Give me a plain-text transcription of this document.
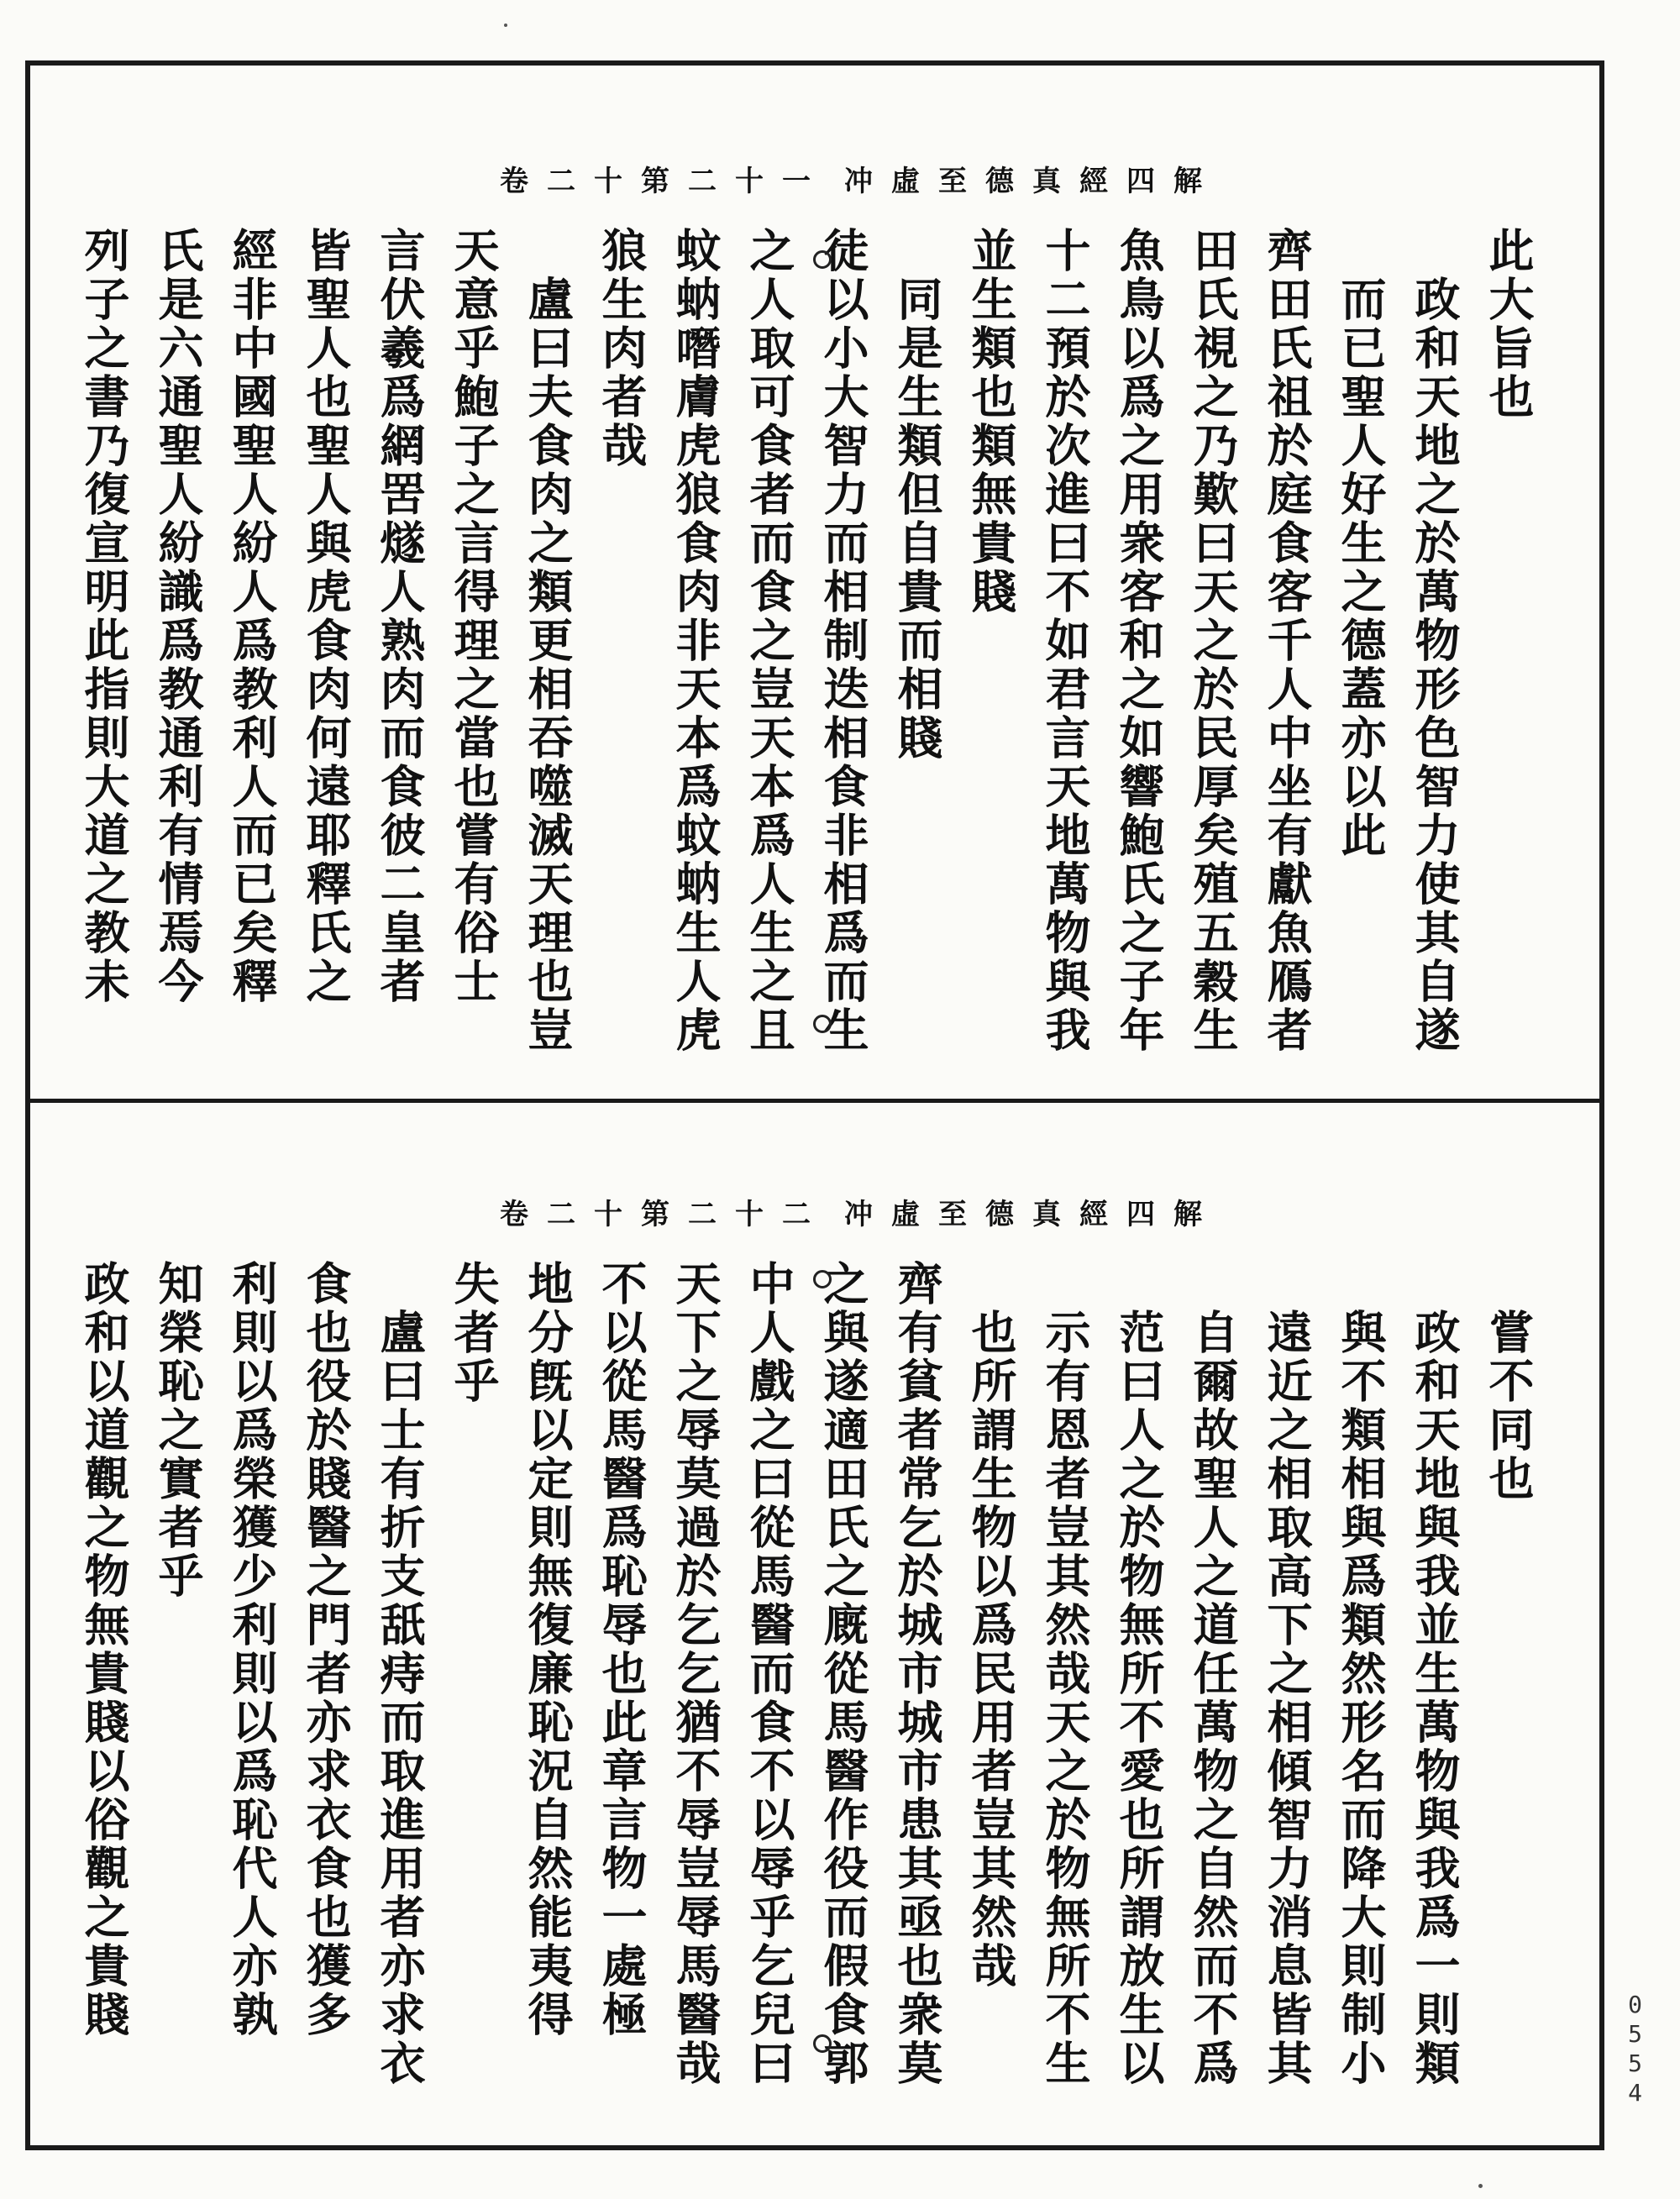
冲虛至德真經四解
卷二十第二十一
此大旨也
政和天地之於萬物形色智力使其自遂
而已聖人好生之德蓋亦以此
齊田氏祖於庭食客千人中坐有獻魚鴈者
田氏視之乃歎曰天之於民厚矣殖五穀生
魚鳥以爲之用衆客和之如響鮑氏之子年
十二預於次進曰不如君言天地萬物與我
並生類也類無貴賤
同是生類但自貴而相賤
徒以小大智力而相制迭相食非相爲而生
之人取可食者而食之豈天本爲人生之且
蚊蚋噆膚虎狼食肉非天本爲蚊蚋生人虎
狼生肉者哉
盧曰夫食肉之類更相吞噬滅天理也豈
天意乎鮑子之言得理之當也嘗有俗士
言伏羲爲網罟燧人熟肉而食彼二皇者
皆聖人也聖人與虎食肉何遠耶釋氏之
經非中國聖人紛人爲教利人而已矣釋
氏是六通聖人紛識爲教通利有情焉今
列子之書乃復宣明此指則大道之教未
冲虛至德真經四解
卷二十第二十二
嘗不同也
政和天地與我並生萬物與我爲一則類
與不類相與爲類然形名而降大則制小
遠近之相取高下之相傾智力消息皆其
自爾故聖人之道任萬物之自然而不爲
范曰人之於物無所不愛也所謂放生以
示有恩者豈其然哉天之於物無所不生
也所謂生物以爲民用者豈其然哉
齊有貧者常乞於城市城市患其亟也衆莫
之與遂適田氏之廐從馬醫作役而假食郭
中人戲之曰從馬醫而食不以辱乎乞兒曰
天下之辱莫過於乞乞猶不辱豈辱馬醫哉
不以從馬醫爲恥辱也此章言物一處極
地分旣以定則無復廉恥況自然能夷得
失者乎
盧曰士有折支舐痔而取進用者亦求衣
食也役於賤醫之門者亦求衣食也獲多
利則以爲榮獲少利則以爲恥代人亦孰
知榮恥之實者乎
政和以道觀之物無貴賤以俗觀之貴賤
0554
